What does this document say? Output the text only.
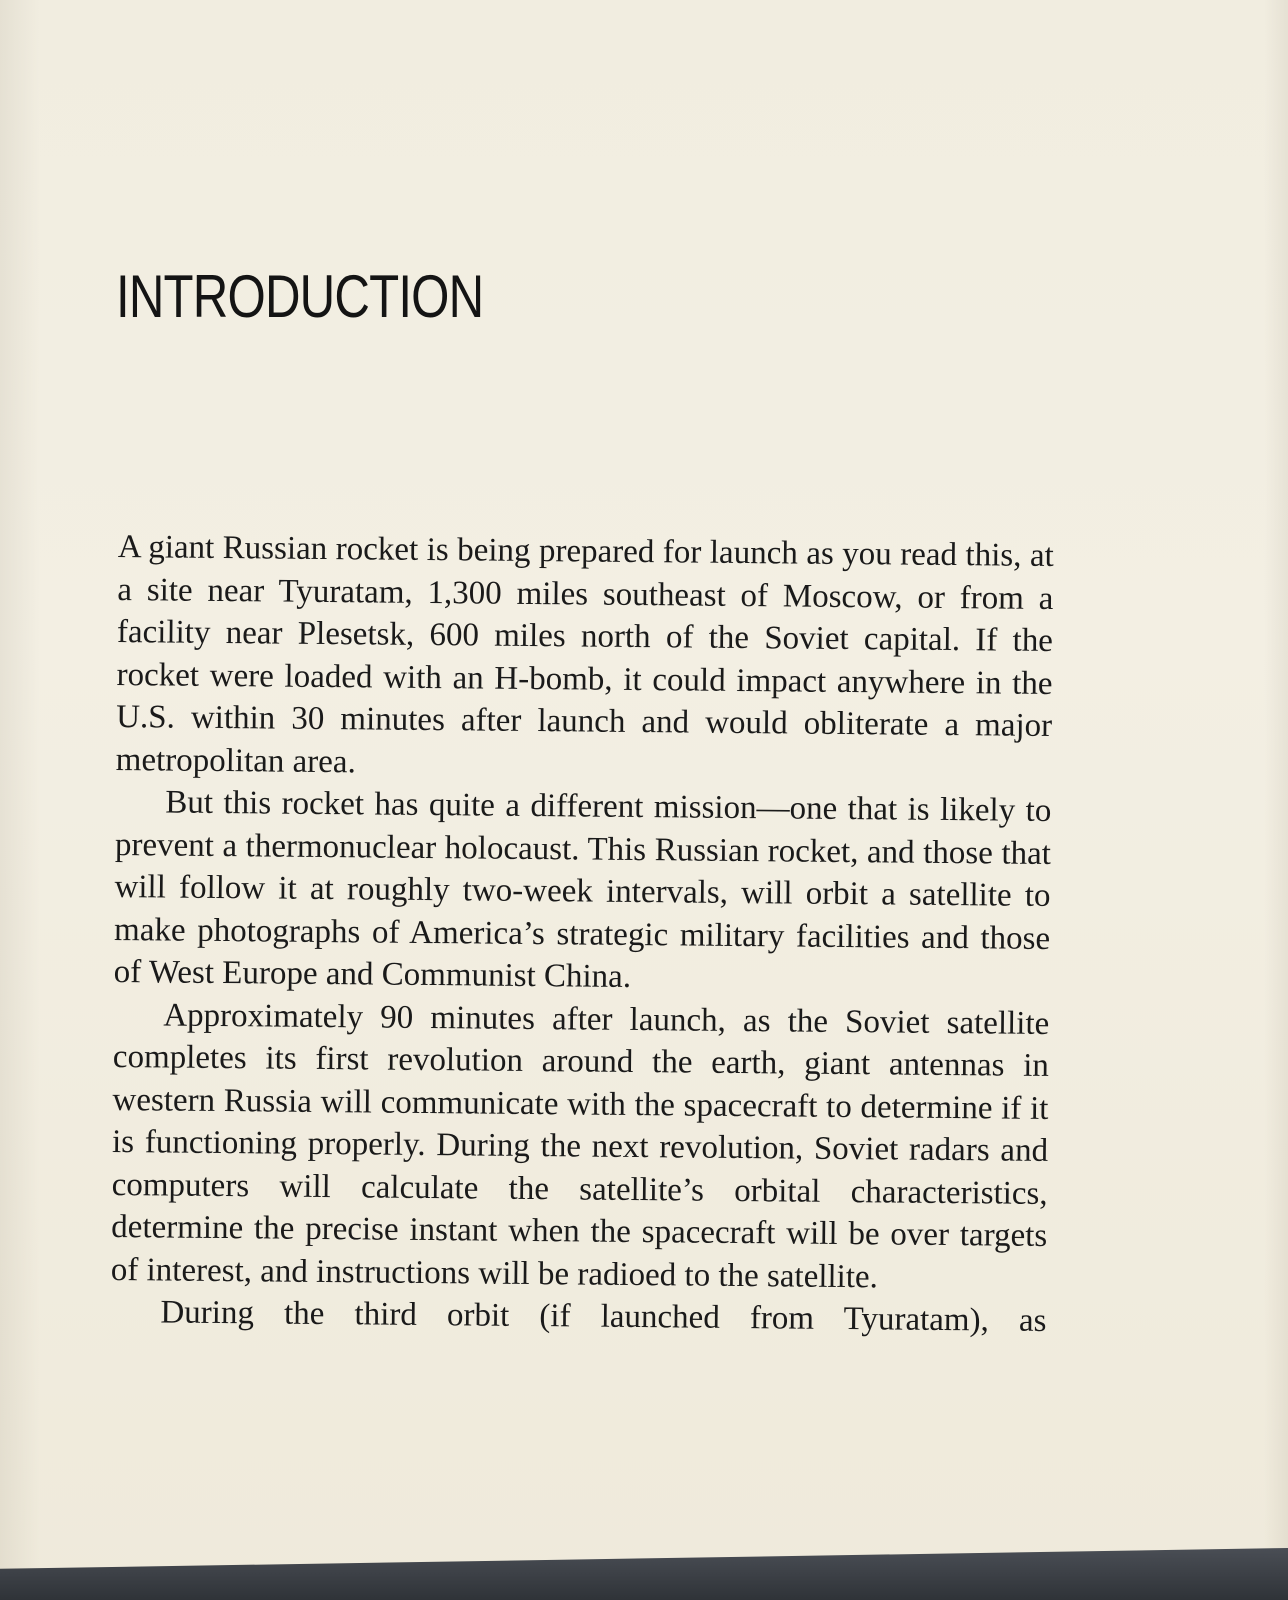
INTRODUCTION

A giant Russian rocket is being prepared for launch as you read this, at a site near Tyuratam, 1,300 miles southeast of Moscow, or from a facility near Plesetsk, 600 miles north of the Soviet capital. If the rocket were loaded with an H-bomb, it could impact anywhere in the U.S. within 30 minutes after launch and would obliterate a major metropolitan area.

But this rocket has quite a different mission—one that is likely to prevent a thermonuclear holocaust. This Russian rocket, and those that will follow it at roughly two-week intervals, will orbit a satellite to make photographs of America’s strategic military facilities and those of West Europe and Communist China.

Approximately 90 minutes after launch, as the Soviet satellite completes its first revolution around the earth, giant antennas in western Russia will communicate with the spacecraft to determine if it is functioning properly. During the next revolution, Soviet radars and computers will calculate the satellite’s orbital characteristics, determine the precise instant when the spacecraft will be over targets of interest, and instructions will be radioed to the satellite.

During the third orbit (if launched from Tyuratam), as
